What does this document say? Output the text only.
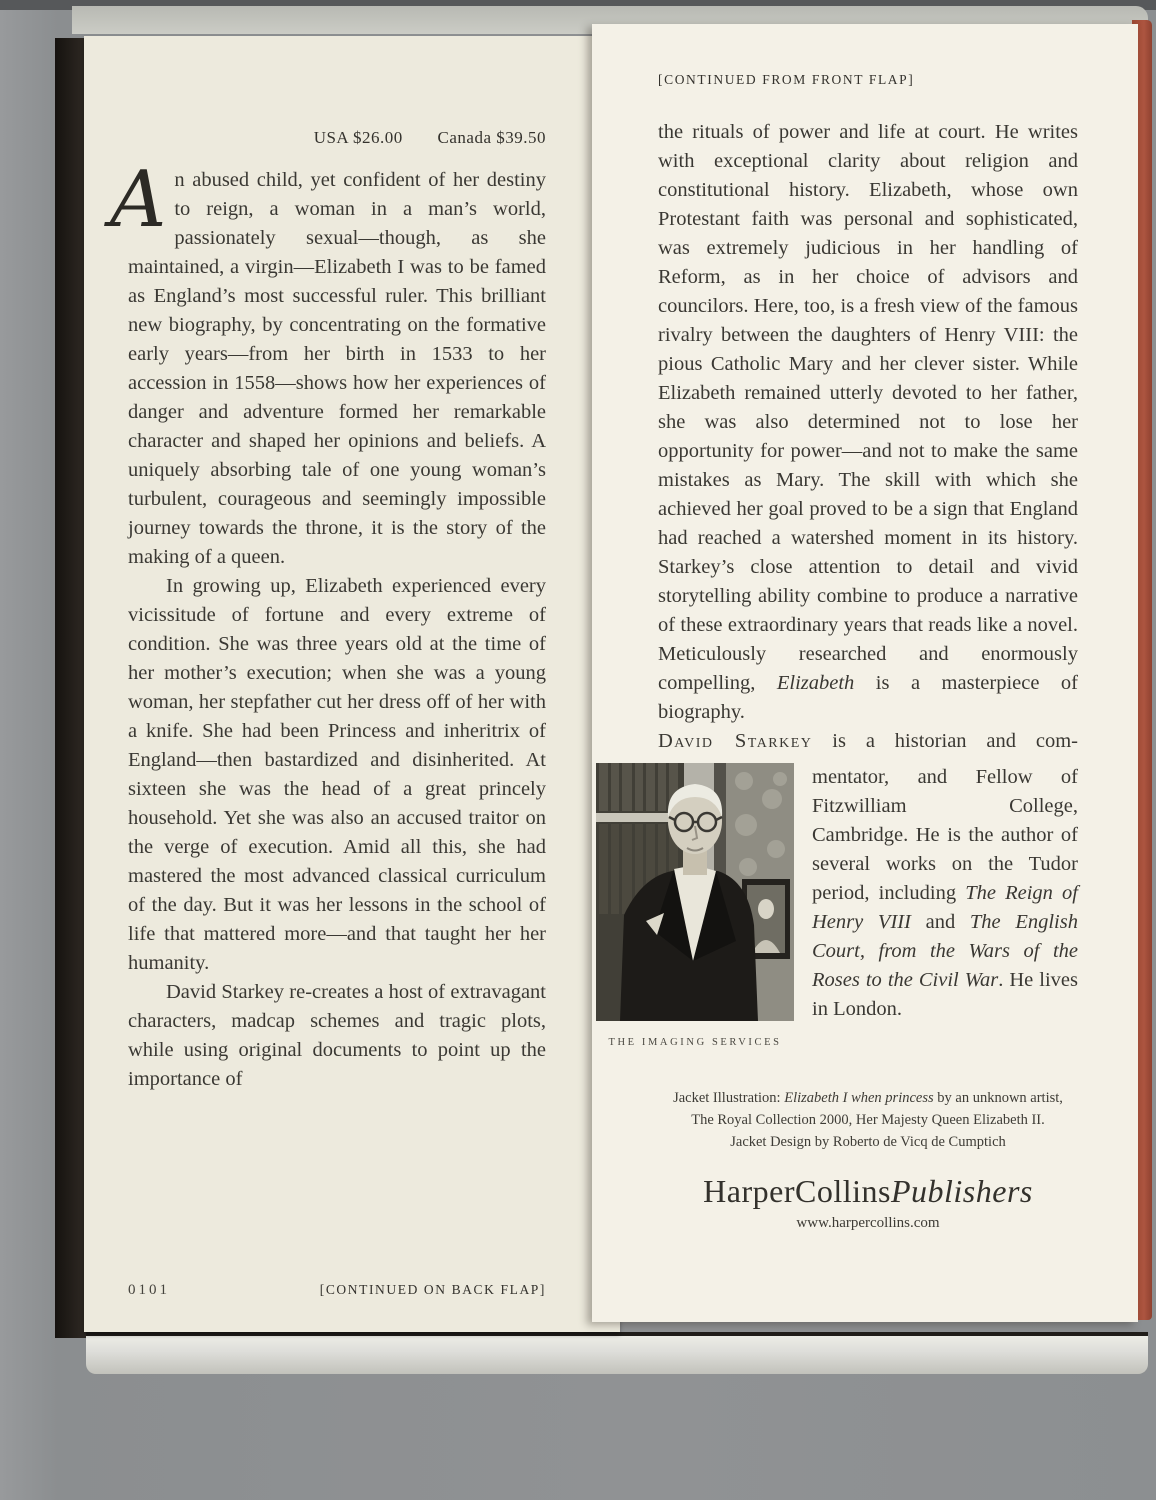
USA $26.00 Canada $39.50

An abused child, yet confident of her destiny to reign, a woman in a man’s world, passionately sexual—though, as she maintained, a virgin—Elizabeth I was to be famed as England’s most successful ruler. This brilliant new biography, by concentrating on the formative early years—from her birth in 1533 to her accession in 1558—shows how her experiences of danger and adventure formed her remarkable character and shaped her opinions and beliefs. A uniquely absorbing tale of one young woman’s turbulent, courageous and seemingly impossible journey towards the throne, it is the story of the making of a queen.

In growing up, Elizabeth experienced every vicissitude of fortune and every extreme of condition. She was three years old at the time of her mother’s execution; when she was a young woman, her stepfather cut her dress off of her with a knife. She had been Princess and inheritrix of England—then bastardized and disinherited. At sixteen she was the head of a great princely household. Yet she was also an accused traitor on the verge of execution. Amid all this, she had mastered the most advanced classical curriculum of the day. But it was her lessons in the school of life that mattered more—and that taught her her humanity.

David Starkey re-creates a host of extravagant characters, madcap schemes and tragic plots, while using original documents to point up the importance of

0101	[CONTINUED ON BACK FLAP]
[CONTINUED FROM FRONT FLAP]

the rituals of power and life at court. He writes with exceptional clarity about religion and constitutional history. Elizabeth, whose own Protestant faith was personal and sophisticated, was extremely judicious in her handling of Reform, as in her choice of advisors and councilors. Here, too, is a fresh view of the famous rivalry between the daughters of Henry VIII: the pious Catholic Mary and her clever sister. While Elizabeth remained utterly devoted to her father, she was also determined not to lose her opportunity for power—and not to make the same mistakes as Mary. The skill with which she achieved her goal proved to be a sign that England had reached a watershed moment in its history. Starkey’s close attention to detail and vivid storytelling ability combine to produce a narrative of these extraordinary years that reads like a novel. Meticulously researched and enormously compelling, Elizabeth is a masterpiece of biography.

David Starkey is a historian and com-

THE IMAGING SERVICES
mentator, and Fellow of Fitzwilliam College, Cambridge. He is the author of several works on the Tudor period, including The Reign of Henry VIII and The English Court, from the Wars of the Roses to the Civil War. He lives in London.
Jacket Illustration: Elizabeth I when princess by an unknown artist,
The Royal Collection 2000, Her Majesty Queen Elizabeth II.
Jacket Design by Roberto de Vicq de Cumptich
HarperCollinsPublishers
www.harpercollins.com
